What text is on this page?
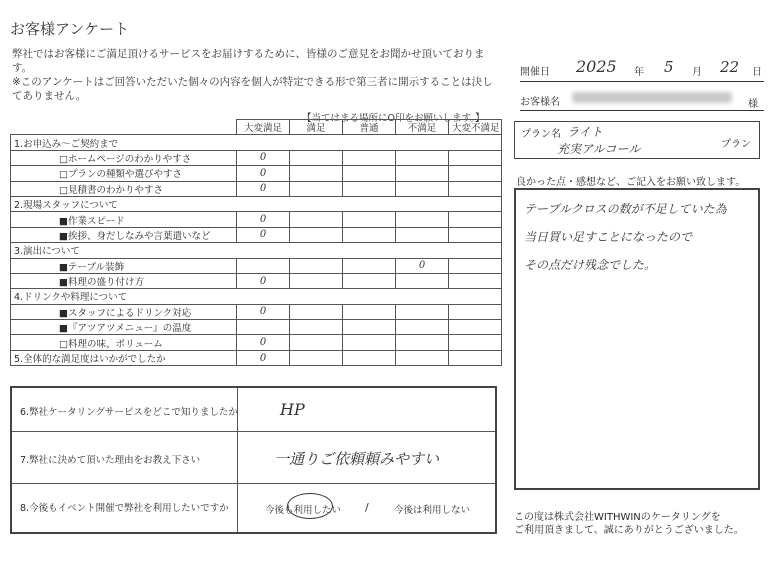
お客様アンケート
弊社ではお客様にご満足頂けるサービスをお届けするために、皆様のご意見をお聞かせ頂いております。
※このアンケートはご回答いただいた個々の内容を個人が特定できる形で第三者に開示することは決してありません。
【当てはまる場所にO印をお願いします。】
	大変満足	満足	普通	不満足	大変不満足
1.お申込み～ご契約まで					
□ホームページのわかりやすさ	0				
□プランの種類や選びやすさ	0				
□見積書のわかりやすさ	0				
2.現場スタッフについて					
■作業スピード	0				
■挨拶、身だしなみや言葉遣いなど	0				
3.演出について					
■テーブル装飾				0	
■料理の盛り付け方	0				
4.ドリンクや料理について					
■スタッフによるドリンク対応	0				
■『アツアツメニュー』の温度					
□料理の味、ボリューム	0				
5.全体的な満足度はいかがでしたか	0				
6.弊社ケータリングサービスをどこで知りましたか	HP
7.弊社に決めて頂いた理由をお教え下さい	一通りご依頼頼みやすい
8.今後もイベント開催で弊社を利用したいですか	今後も利用したい /	今後は利用しない
開催日 2025 年 5 月 22 日
お客様名	様
プラン名 ライト
充実アルコール	プラン
良かった点・感想など、ご記入をお願い致します。
テーブルクロスの数が不足していた為
当日買い足すことになったので
その点だけ残念でした。
この度は株式会社WITHWINのケータリングを
ご利用頂きまして、誠にありがとうございました。
